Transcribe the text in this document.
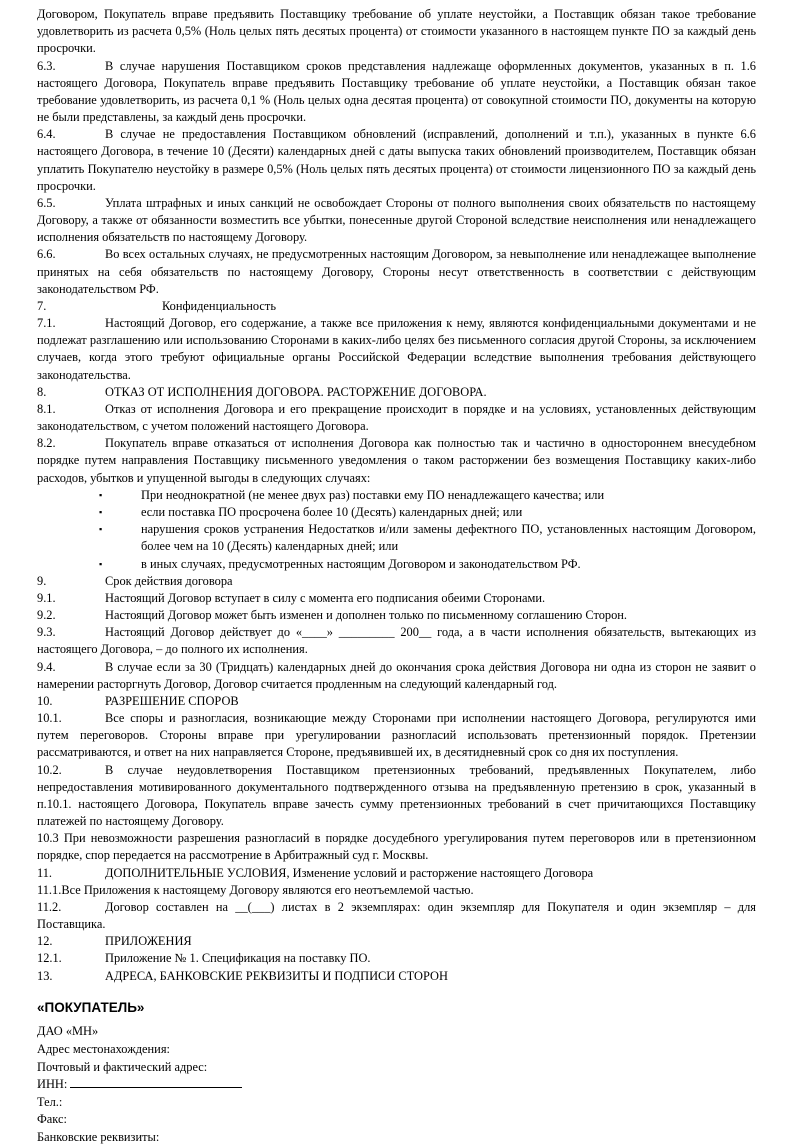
Договором, Покупатель вправе предъявить Поставщику требование об уплате неустойки, а Поставщик обязан такое требование удовлетворить из расчета 0,5% (Ноль целых пять десятых процента) от стоимости указанного в настоящем пункте ПО за каждый день просрочки.

6.3.	В случае нарушения Поставщиком сроков представления надлежаще оформленных документов, указанных в п. 1.6 настоящего Договора, Покупатель вправе предъявить Поставщику требование об уплате неустойки, а Поставщик обязан такое требование удовлетворить, из расчета 0,1 % (Ноль целых одна десятая процента) от совокупной стоимости ПО, документы на которую не были представлены, за каждый день просрочки.

6.4.	В случае не предоставления Поставщиком обновлений (исправлений, дополнений и т.п.), указанных в пункте 6.6 настоящего Договора, в течение 10 (Десяти) календарных дней с даты выпуска таких обновлений производителем, Поставщик обязан уплатить Покупателю неустойку в размере 0,5% (Ноль целых пять десятых процента) от стоимости лицензионного ПО за каждый день просрочки.

6.5.	Уплата штрафных и иных санкций не освобождает Стороны от полного выполнения своих обязательств по настоящему Договору, а также от обязанности возместить все убытки, понесенные другой Стороной вследствие неисполнения или ненадлежащего исполнения обязательств по настоящему Договору.

6.6.	Во всех остальных случаях, не предусмотренных настоящим Договором, за невыполнение или ненадлежащее выполнение принятых на себя обязательств по настоящему Договору, Стороны несут ответственность в соответствии с действующим законодательством РФ.

7.	Конфиденциальность

7.1.	Настоящий Договор, его содержание, а также все приложения к нему, являются конфиденциальными документами и не подлежат разглашению или использованию Сторонами в каких-либо целях без письменного согласия другой Стороны, за исключением случаев, когда этого требуют официальные органы Российской Федерации вследствие выполнения требования действующего законодательства.

8.	ОТКАЗ ОТ ИСПОЛНЕНИЯ ДОГОВОРА. РАСТОРЖЕНИЕ ДОГОВОРА.

8.1.	Отказ от исполнения Договора и его прекращение происходит в порядке и на условиях, установленных действующим законодательством, с учетом положений настоящего Договора.

8.2.	Покупатель вправе отказаться от исполнения Договора как полностью так и частично в одностороннем внесудебном порядке путем направления Поставщику письменного уведомления о таком расторжении без возмещения Поставщику каких-либо расходов, убытков и упущенной выгоды в следующих случаях:

▪	При неоднократной (не менее двух раз) поставки ему ПО ненадлежащего качества; или
▪	если поставка ПО просрочена более 10 (Десять) календарных дней; или
▪	нарушения сроков устранения Недостатков и/или замены дефектного ПО, установленных настоящим Договором, более чем на 10 (Десять) календарных дней; или
▪	в иных случаях, предусмотренных настоящим Договором и законодательством РФ.

9.	Срок действия договора

9.1.	Настоящий Договор вступает в силу с момента его подписания обеими Сторонами.

9.2.	Настоящий Договор может быть изменен и дополнен только по письменному соглашению Сторон.

9.3.	Настоящий Договор действует до «____» _________ 200__ года, а в части исполнения обязательств, вытекающих из настоящего Договора, – до полного их исполнения.

9.4.	В случае если за 30 (Тридцать) календарных дней до окончания срока действия Договора ни одна из сторон не заявит о намерении расторгнуть Договор, Договор считается продленным на следующий календарный год.

10.	РАЗРЕШЕНИЕ СПОРОВ

10.1.	Все споры и разногласия, возникающие между Сторонами при исполнении настоящего Договора, регулируются ими путем переговоров. Стороны вправе при урегулировании разногласий использовать претензионный порядок. Претензии рассматриваются, и ответ на них направляется Стороне, предъявившей их, в десятидневный срок со дня их поступления.

10.2.	В случае неудовлетворения Поставщиком претензионных требований, предъявленных Покупателем, либо непредоставления мотивированного документального подтвержденного отзыва на предъявленную претензию в срок, указанный в п.10.1. настоящего Договора, Покупатель вправе зачесть сумму претензионных требований в счет причитающихся Поставщику платежей по настоящему Договору.

10.3 При невозможности разрешения разногласий в порядке досудебного урегулирования путем переговоров или в претензионном порядке, спор передается на рассмотрение в Арбитражный суд г. Москвы.

11.	ДОПОЛНИТЕЛЬНЫЕ УСЛОВИЯ, Изменение условий и расторжение настоящего Договора

11.1.Все Приложения к настоящему Договору являются его неотъемлемой частью.

11.2.	Договор составлен на __(___) листах в 2 экземплярах: один экземпляр для Покупателя и один экземпляр – для Поставщика.

12.	ПРИЛОЖЕНИЯ

12.1.	Приложение № 1. Спецификация на поставку ПО.

13.	АДРЕСА, БАНКОВСКИЕ РЕКВИЗИТЫ И ПОДПИСИ СТОРОН

«ПОКУПАТЕЛЬ»

ДАО «МН»

Адрес местонахождения:

Почтовый и фактический адрес:

ИНН:

Тел.:

Факс:

Банковские реквизиты:
